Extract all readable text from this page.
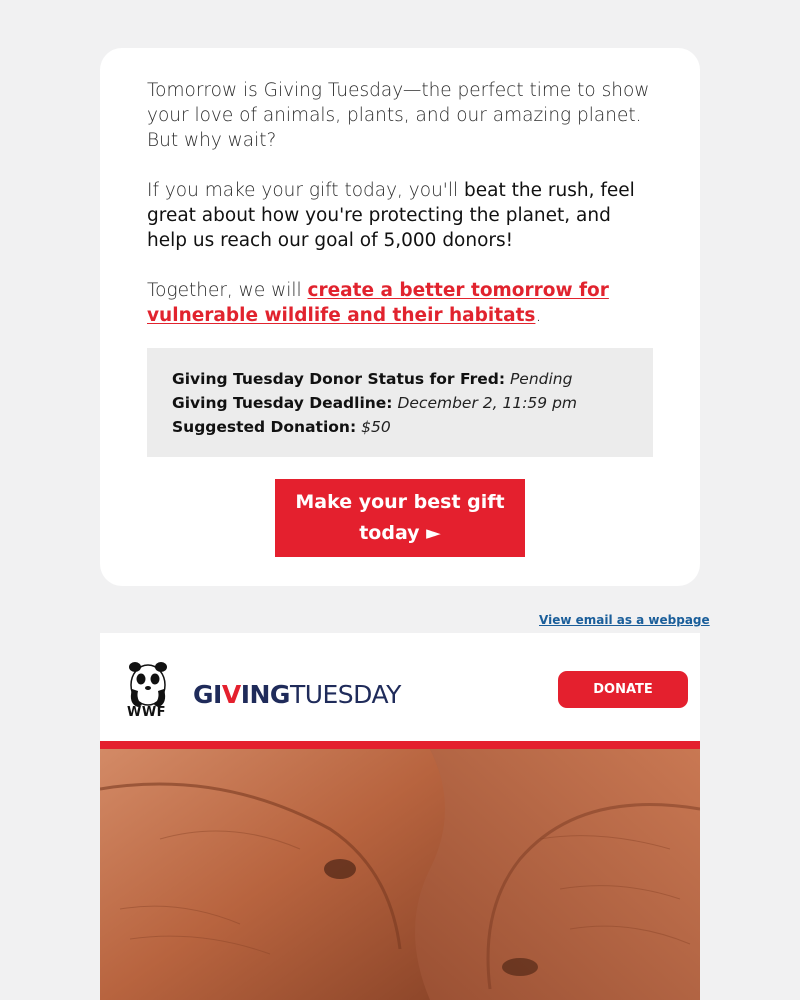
Tomorrow is Giving Tuesday—the perfect time to show your love of animals, plants, and our amazing planet. But why wait?

If you make your gift today, you'll beat the rush, feel great about how you're protecting the planet, and help us reach our goal of 5,000 donors!

Together, we will create a better tomorrow for vulnerable wildlife and their habitats.

Giving Tuesday Donor Status for Fred: Pending
Giving Tuesday Deadline: December 2, 11:59 pm
Suggested Donation: $50
Make your best gift today ►
View email as a webpage
WWF
GIVINGTUESDAY	DONATE
